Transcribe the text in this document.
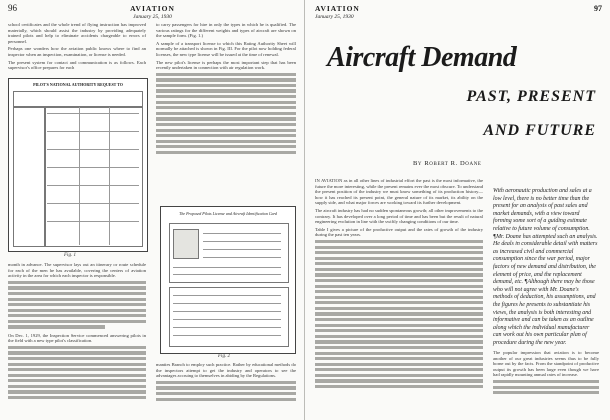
96	AVIATION
January 25, 1930

school certificates and the whole trend of flying instruction has improved materially, which should assist the industry by providing adequately trained pilots and help to eliminate accidents chargeable to errors of personnel.

Perhaps one wonders how the aviation public knows where to find an inspector when an inspection, examination, or license is needed.

The present system for contact and communication is as follows. Each supervisor's office prepares for each

PILOT'S NATIONAL AUTHORITY REQUEST TO
Fig. 1

month in advance. The supervisor lays out an itinerary or route schedule for each of the men he has available, covering the centers of aviation activity in the area for which each inspector is responsible.

On Dec. 1, 1929, the Inspection Service commenced answering pilots in the field with a new type pilot's classification.

to carry passengers for hire in only the types in which he is qualified. The various ratings for the different weights and types of aircraft are shown on the sample form. (Fig. 1.)

A sample of a transport license to which this Rating Authority Sheet will normally be attached is shown in Fig. III. For the pilot now holding federal licenses, the new type license will be issued at the time of renewal.

The new pilot's license is perhaps the most important step that has been recently undertaken in connection with air regulation work.

The Proposed Pilots License and Aircraft Identification Card
Fig. 2

manties Branch to employ such practice. Rather by educational methods do the inspectors attempt to get the industry and operators to see the advantages accruing to themselves in abiding by the Regulations.

AVIATION
January 25, 1930
97
Aircraft Demand
PAST, PRESENT
AND FUTURE
By Robert R. Doane

IN AVIATION as in all other lines of industrial effort the past is the most informative, the future the more interesting, while the present remains ever the most obscure. To understand the present position of the industry we must know something of its production history—how it has reached its present point, the general nature of its market, its ability on the supply side, and what major forces are working toward its further development.

The aircraft industry has had no sudden spontaneous growth; all other improvements to the contrary. It has developed over a long period of time and has been but the result of natural engineering evolution in line with the swiftly changing conditions of our time.

Table I gives a picture of the productive output and the rates of growth of the industry during the past ten years.

With aeronautic production and sales at a low level, there is no better time than the present for an analysis of past sales and market demands, with a view toward forming some sort of a guiding estimate relative to future volume of consumption. ¶Mr. Doane has attempted such an analysis. He deals in considerable detail with matters as increased civil and commercial consumption since the war period, major factors of new demand and distribution, the element of price, and the replacement demand, etc. ¶Although there may be those who will not agree with Mr. Doane's methods of deduction, his assumptions, and the figures he presents to substantiate his views, the analysis is both interesting and informative and can be taken as an outline along which the individual manufacturer can work out his own particular plan of procedure during the new year.

The popular impression that aviation is to become another of our great industries seems thus to be fully borne out by the facts. From the standpoint of productive output its growth has been large even though we have had rapidly mounting annual rates of increase.
